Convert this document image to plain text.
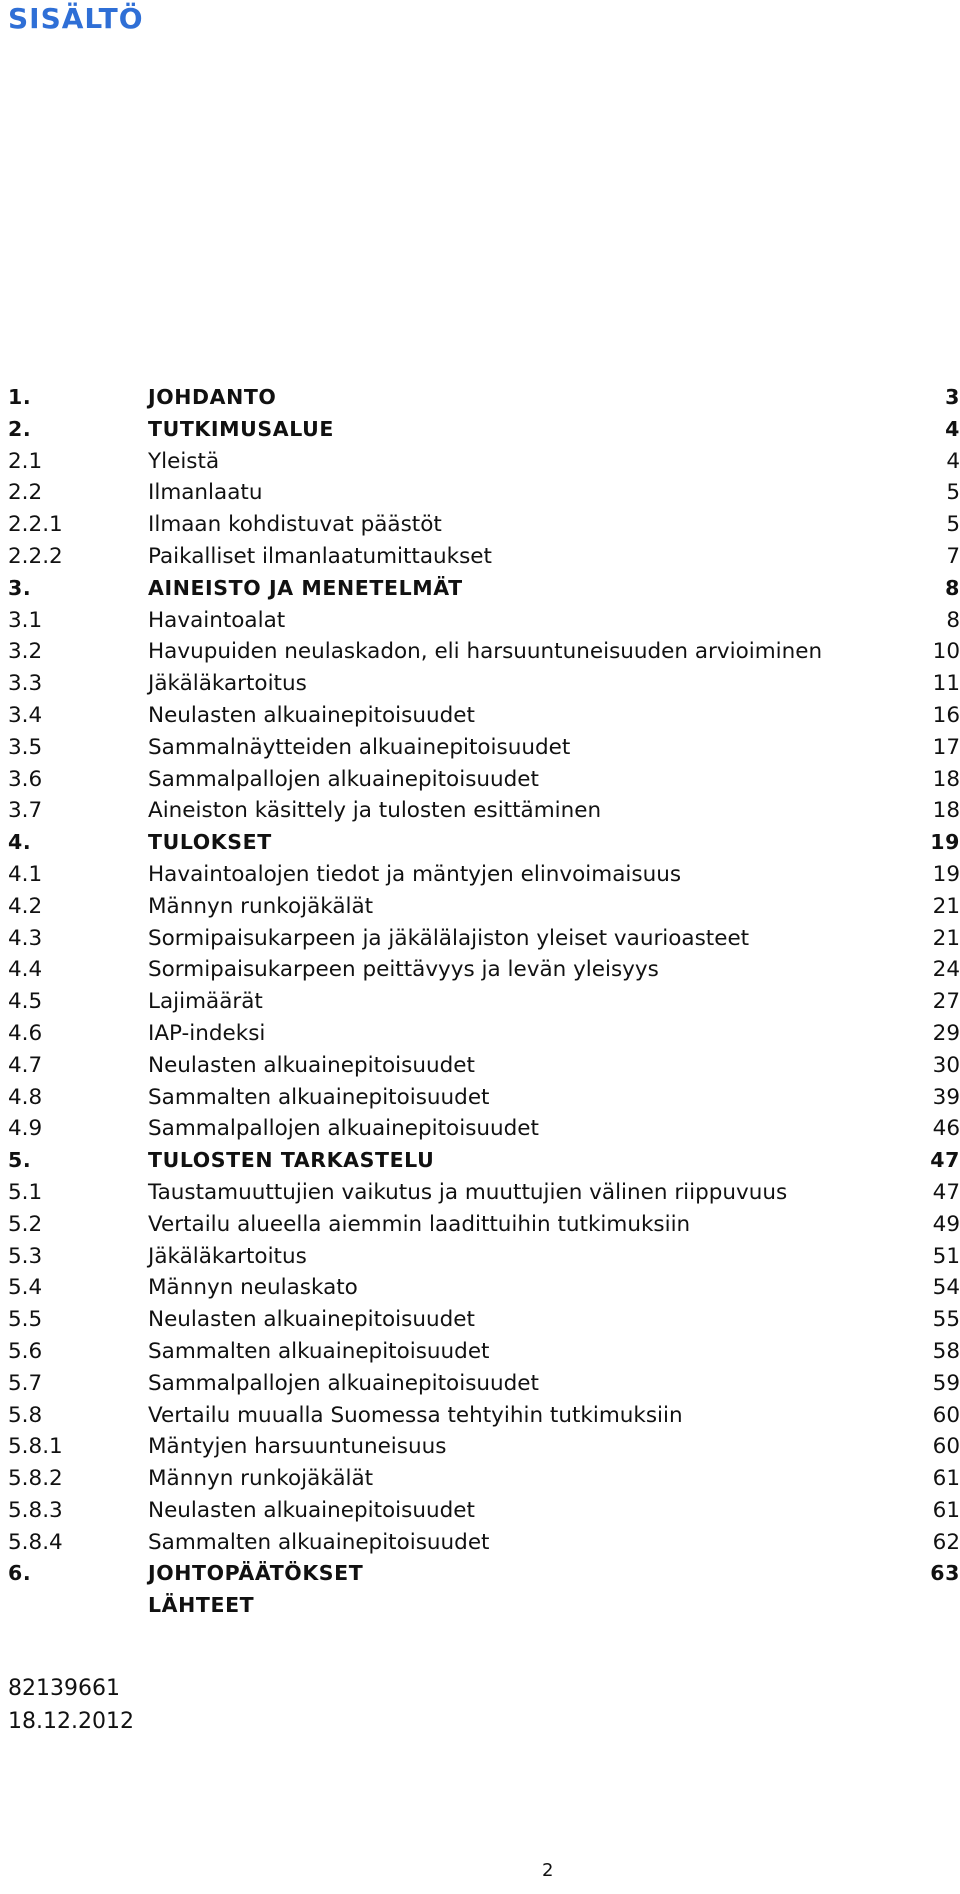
SISÄLTÖ
1.	JOHDANTO	3
2.	TUTKIMUSALUE	4
2.1	Yleistä	4
2.2	Ilmanlaatu	5
2.2.1	Ilmaan kohdistuvat päästöt	5
2.2.2	Paikalliset ilmanlaatumittaukset	7
3.	AINEISTO JA MENETELMÄT	8
3.1	Havaintoalat	8
3.2	Havupuiden neulaskadon, eli harsuuntuneisuuden arvioiminen	10
3.3	Jäkäläkartoitus	11
3.4	Neulasten alkuainepitoisuudet	16
3.5	Sammalnäytteiden alkuainepitoisuudet	17
3.6	Sammalpallojen alkuainepitoisuudet	18
3.7	Aineiston käsittely ja tulosten esittäminen	18
4.	TULOKSET	19
4.1	Havaintoalojen tiedot ja mäntyjen elinvoimaisuus	19
4.2	Männyn runkojäkälät	21
4.3	Sormipaisukarpeen ja jäkälälajiston yleiset vaurioasteet	21
4.4	Sormipaisukarpeen peittävyys ja levän yleisyys	24
4.5	Lajimäärät	27
4.6	IAP-indeksi	29
4.7	Neulasten alkuainepitoisuudet	30
4.8	Sammalten alkuainepitoisuudet	39
4.9	Sammalpallojen alkuainepitoisuudet	46
5.	TULOSTEN TARKASTELU	47
5.1	Taustamuuttujien vaikutus ja muuttujien välinen riippuvuus	47
5.2	Vertailu alueella aiemmin laadittuihin tutkimuksiin	49
5.3	Jäkäläkartoitus	51
5.4	Männyn neulaskato	54
5.5	Neulasten alkuainepitoisuudet	55
5.6	Sammalten alkuainepitoisuudet	58
5.7	Sammalpallojen alkuainepitoisuudet	59
5.8	Vertailu muualla Suomessa tehtyihin tutkimuksiin	60
5.8.1	Mäntyjen harsuuntuneisuus	60
5.8.2	Männyn runkojäkälät	61
5.8.3	Neulasten alkuainepitoisuudet	61
5.8.4	Sammalten alkuainepitoisuudet	62
6.	JOHTOPÄÄTÖKSET	63
LÄHTEET
82139661
18.12.2012
2
